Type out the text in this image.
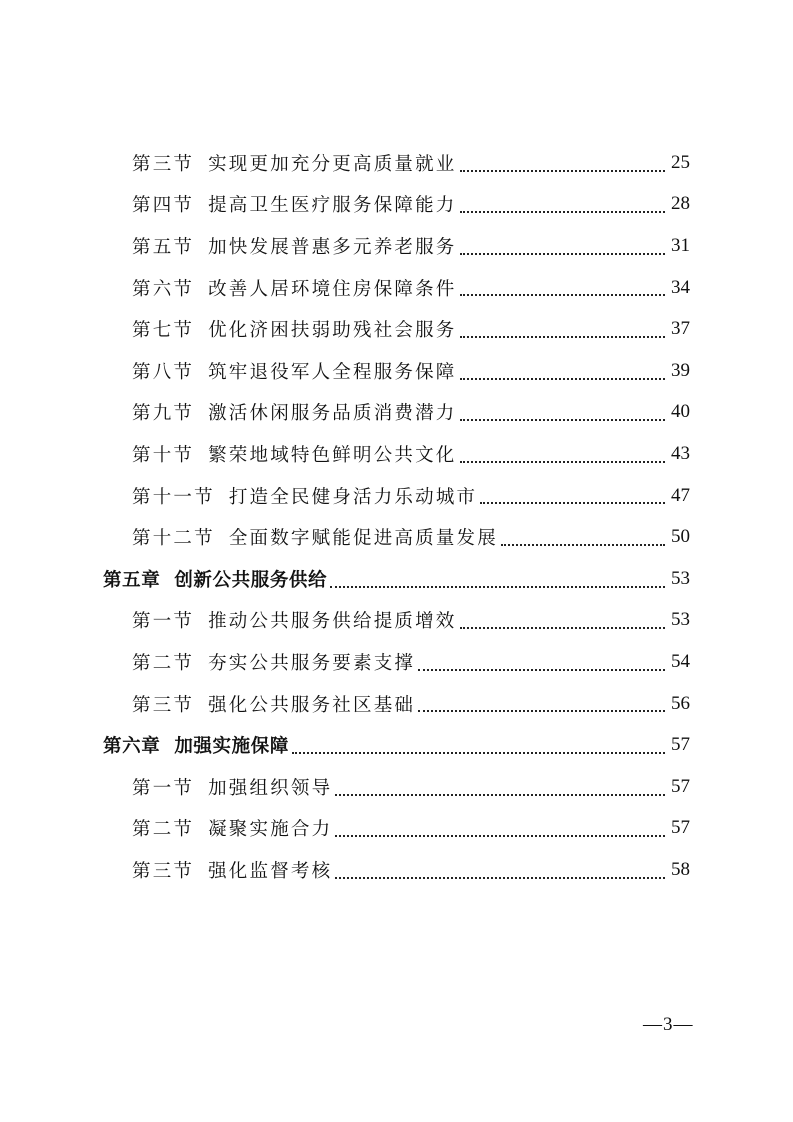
第三节 实现更加充分更高质量就业	25
第四节 提高卫生医疗服务保障能力	28
第五节 加快发展普惠多元养老服务	31
第六节 改善人居环境住房保障条件	34
第七节 优化济困扶弱助残社会服务	37
第八节 筑牢退役军人全程服务保障	39
第九节 激活休闲服务品质消费潜力	40
第十节 繁荣地域特色鲜明公共文化	43
第十一节 打造全民健身活力乐动城市	47
第十二节 全面数字赋能促进高质量发展	50
第五章 创新公共服务供给	53
第一节 推动公共服务供给提质增效	53
第二节 夯实公共服务要素支撑	54
第三节 强化公共服务社区基础	56
第六章 加强实施保障	57
第一节 加强组织领导	57
第二节 凝聚实施合力	57
第三节 强化监督考核	58
—3—
